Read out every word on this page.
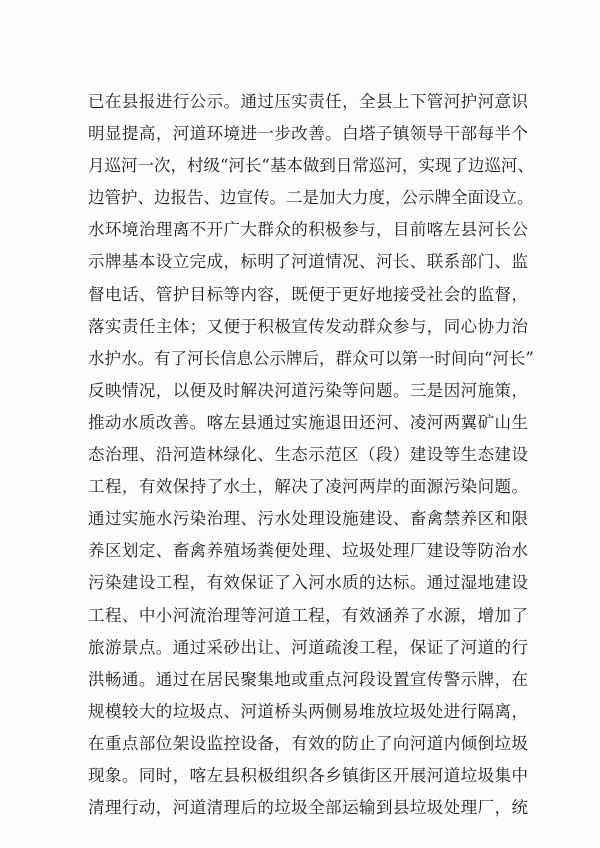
已在县报进行公示。通过压实责任，全县上下管河护河意识
明显提高，河道环境进一步改善。白塔子镇领导干部每半个
月巡河一次，村级“河长“基本做到日常巡河，实现了边巡河、
边管护、边报告、边宣传。二是加大力度，公示牌全面设立。
水环境治理离不开广大群众的积极参与，目前喀左县河长公
示牌基本设立完成，标明了河道情况、河长、联系部门、监
督电话、管护目标等内容，既便于更好地接受社会的监督，
落实责任主体；又便于积极宣传发动群众参与，同心协力治
水护水。有了河长信息公示牌后，群众可以第一时间向“河长”
反映情况，以便及时解决河道污染等问题。三是因河施策，
推动水质改善。喀左县通过实施退田还河、凌河两翼矿山生
态治理、沿河造林绿化、生态示范区（段）建设等生态建设
工程，有效保持了水土，解决了凌河两岸的面源污染问题。
通过实施水污染治理、污水处理设施建设、畜禽禁养区和限
养区划定、畜禽养殖场粪便处理、垃圾处理厂建设等防治水
污染建设工程，有效保证了入河水质的达标。通过湿地建设
工程、中小河流治理等河道工程，有效涵养了水源，增加了
旅游景点。通过采砂出让、河道疏浚工程，保证了河道的行
洪畅通。通过在居民聚集地或重点河段设置宣传警示牌，在
规模较大的垃圾点、河道桥头两侧易堆放垃圾处进行隔离，
在重点部位架设监控设备，有效的防止了向河道内倾倒垃圾
现象。同时，喀左县积极组织各乡镇街区开展河道垃圾集中
清理行动，河道清理后的垃圾全部运输到县垃圾处理厂，统
